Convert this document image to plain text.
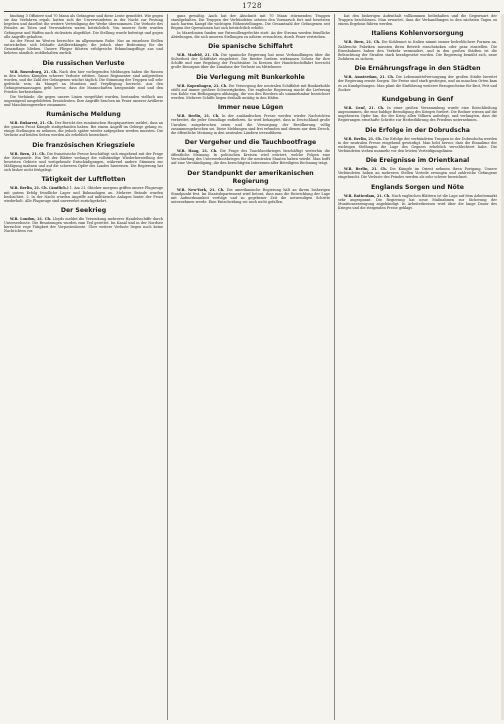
1728

bindung 3 Offiziere und 70 Mann als Gefangene und diese Leute gemeldet. Wie gegen sie das Verfahren ergab, hatten sich die Unverwundeten in der Nacht zur Festung begeben und daselbst die weitere Verteidigung der Werke übernommen. Die Verluste des Feindes an Toten und Verwundeten waren beträchtlich. Von unserer Seite wurden Gefangene und Waffen nach rückwärts abgeführt. Die Stellung wurde befestigt und gegen alle Angriffe gehalten.

An der Front im Westen herrschte im allgemeinen Ruhe. Nur an einzelnen Stellen entwickelten sich lebhafte Artilleriekämpfe, die jedoch ohne Bedeutung für die Gesamtlage blieben. Unsere Flieger führten erfolgreiche Erkundungsflüge aus und kehrten sämtlich wohlbehalten zurück.

Die russischen Verluste

W.B. Rosenburg, 21. Ch. Nach den hier vorliegenden Meldungen haben die Russen in den letzten Kämpfen schwere Verluste erlitten. Ganze Regimenter sind aufgerieben worden, und die Zahl der Gefangenen wächst täglich. Die Stimmung der Truppen soll sehr gedrückt sein, da Mangel an Munition und Verpflegung herrscht. Aus den Gefangenenaussagen geht hervor, dass die Mannschaften kriegsmüde sind und den Frieden herbeisehnen.

Die Verbände, die gegen unsere Linien vorgeführt wurden, bestanden vielfach aus ungenügend ausgebildeten Ersatzleuten. Ihre Angriffe brachen im Feuer unserer Artillerie und Maschinengewehre zusammen.

Rumänische Meldung

W.B. Bukarest, 21. Ch. Der Bericht des rumänischen Hauptquartiers meldet, dass an der ganzen Front Kämpfe stattgefunden haben. Bei einem Angriff im Gebirge gelang es, einige Stellungen zu nehmen, die jedoch später wieder aufgegeben werden mussten. Die Verluste auf beiden Seiten werden als erheblich bezeichnet.

Die französischen Kriegsziele

W.B. Bern, 21. Ch. Die französische Presse beschäftigt sich eingehend mit der Frage der Kriegsziele. Ein Teil der Blätter verlangt die vollständige Wiederherstellung der besetzten Gebiete und weitgehende Entschädigungen, während andere Stimmen zur Mäßigung mahnen und auf die schweren Opfer des Landes hinweisen. Die Regierung hat sich bisher nicht festgelegt.

Tätigkeit der Luftflotten

W.B. Berlin, 21. Ch. (Amtlich.) 1. Am 21. Oktober morgens griffen unsere Flugzeuge mit gutem Erfolg feindliche Lager und Bahnanlagen an. Mehrere Brände wurden beobachtet. 2. In der Nacht wurden Angriffe auf militärische Anlagen hinter der Front wiederholt. Alle Flugzeuge sind unversehrt zurückgekehrt.

Der Seekrieg

W.B. London, 21. Ch. Lloyds meldet die Versenkung mehrerer Handelsschiffe durch Unterseeboote. Die Besatzungen wurden zum Teil gerettet. Im Kanal und in der Nordsee herrschte rege Tätigkeit der Vorpostenboote. Über weitere Verluste liegen noch keine Nachrichten vor.

ganz gewaltig. Auch hat der Abschnitt mit 70 Mann stürmenden Truppen standgehalten. Die Truppen der Verbündeten setzten den Vormarsch fort und besetzten nach hartem Kampf die wichtigen Höhenstellungen. Die Gesamtzahl der Gefangenen seit Beginn der Operationen hat sich beträchtlich erhöht.

In Mazedonien fanden nur Patrouillengefechte statt. An der Struma wurden feindliche Abteilungen, die sich unseren Stellungen zu nähern versuchten, durch Feuer vertrieben.

Die spanische Schiffahrt

W.B. Madrid, 21. Ch. Die spanische Regierung hat neue Verhandlungen über die Sicherheit der Schiffahrt eingeleitet. Die Reeder fordern wirksamen Schutz für ihre Schiffe und eine Regelung der Frachtsätze. In Kreisen der Handelsschiffahrt herrscht große Besorgnis über die Zunahme der Verluste im Mittelmeer.

Die Verlegung mit Bunkerkohle

W.B. Kopenhagen, 21. Ch. Die Versorgung der neutralen Schiffahrt mit Bunkerkohle stößt auf immer größere Schwierigkeiten. Die englische Regierung macht die Lieferung von Kohle von Bedingungen abhängig, die von den Reedern als unannehmbar bezeichnet werden. Mehrere Schiffe liegen deshalb untätig in den Häfen.

Immer neue Lügen

W.B. Berlin, 21. Ch. In der ausländischen Presse werden wieder Nachrichten verbreitet, die jeder Grundlage entbehren. So wird behauptet, dass in Deutschland große Unruhen ausgebrochen seien und die Versorgung der Bevölkerung völlig zusammengebrochen sei. Diese Meldungen sind frei erfunden und dienen nur dem Zweck, die öffentliche Meinung in den neutralen Ländern irrezuführen.

Der Vergeher und die Tauchbootfrage

W.B. Haag, 21. Ch. Die Frage des Tauchbootkrieges beschäftigt weiterhin die öffentliche Meinung. In politischen Kreisen wird erörtert, welche Folgen eine Verschärfung des Unterseebootkrieges für die neutralen Staaten haben würde. Man hofft auf eine Verständigung, die den berechtigten Interessen aller Beteiligten Rechnung trägt.

Der Standpunkt der amerikanischen Regierung

W.B. New-York, 21. Ch. Die amerikanische Regierung hält an ihrem bisherigen Standpunkt fest. Im Staatsdepartement wird betont, dass man die Entwicklung der Lage mit Aufmerksamkeit verfolge und zu gegebener Zeit die notwendigen Schritte unternehmen werde. Eine Entscheidung sei noch nicht gefallen.

hat den bisherigen Aufenthalt vollkommen beibehalten und die Gegenwart der Truppen beschlossen. Man erwartet, dass die Verhandlungen in den nächsten Tagen zu einem Ergebnis führen werden.

Italiens Kohlenvorsorgung

W.B. Bern, 21. Ch. Die Kohlennot in Italien nimmt immer bedrohlichere Formen an. Zahlreiche Fabriken mussten ihren Betrieb einschränken oder ganz einstellen. Die Eisenbahnen haben den Verkehr vermindert, und in den großen Städten ist die Beleuchtung der Straßen stark herabgesetzt worden. Die Regierung bemüht sich, neue Zufuhren zu sichern.

Die Ernährungsfrage in den Städten

W.B. Amsterdam, 21. Ch. Die Lebensmittelversorgung der großen Städte bereitet der Regierung ernste Sorgen. Die Preise sind stark gestiegen, und an manchen Orten kam es zu Kundgebungen. Man plant die Einführung weiterer Bezugsscheine für Brot, Fett und Zucker.

Kundgebung in Genf

W.B. Genf, 21. Ch. In einer großen Versammlung wurde eine Entschließung angenommen, die eine baldige Beendigung des Krieges fordert. Die Redner wiesen auf die ungeheuren Opfer hin, die der Krieg allen Völkern auferlegt, und verlangten, dass die Regierungen ernsthafte Schritte zur Herbeiführung des Friedens unternehmen.

Die Erfolge in der Dobrudscha

W.B. Berlin, 21. Ch. Die Erfolge der verbündeten Truppen in der Dobrudscha werden in der neutralen Presse eingehend gewürdigt. Man hebt hervor, dass die Einnahme der wichtigen Stellungen die Lage des Gegners erheblich verschlechtert habe. Die Verbündeten stehen nunmehr vor den letzten Verteidigungslinien.

Die Ereignisse im Orientkanal

W.B. Berlin, 21. Ch. Die Kämpfe im Orient nehmen ihren Fortgang. Unsere Verbündeten haben an mehreren Stellen Vorteile errungen und zahlreiche Gefangene eingebracht. Die Verluste des Feindes werden als sehr schwer bezeichnet.

Englands Sorgen und Nöte

W.B. Rotterdam, 21. Ch. Nach englischen Blättern ist die Lage auf dem Arbeitsmarkt sehr angespannt. Die Regierung hat neue Maßnahmen zur Sicherung der Munitionserzeugung angekündigt. In Arbeiterkreisen wird über die lange Dauer des Krieges und die steigenden Preise geklagt.
